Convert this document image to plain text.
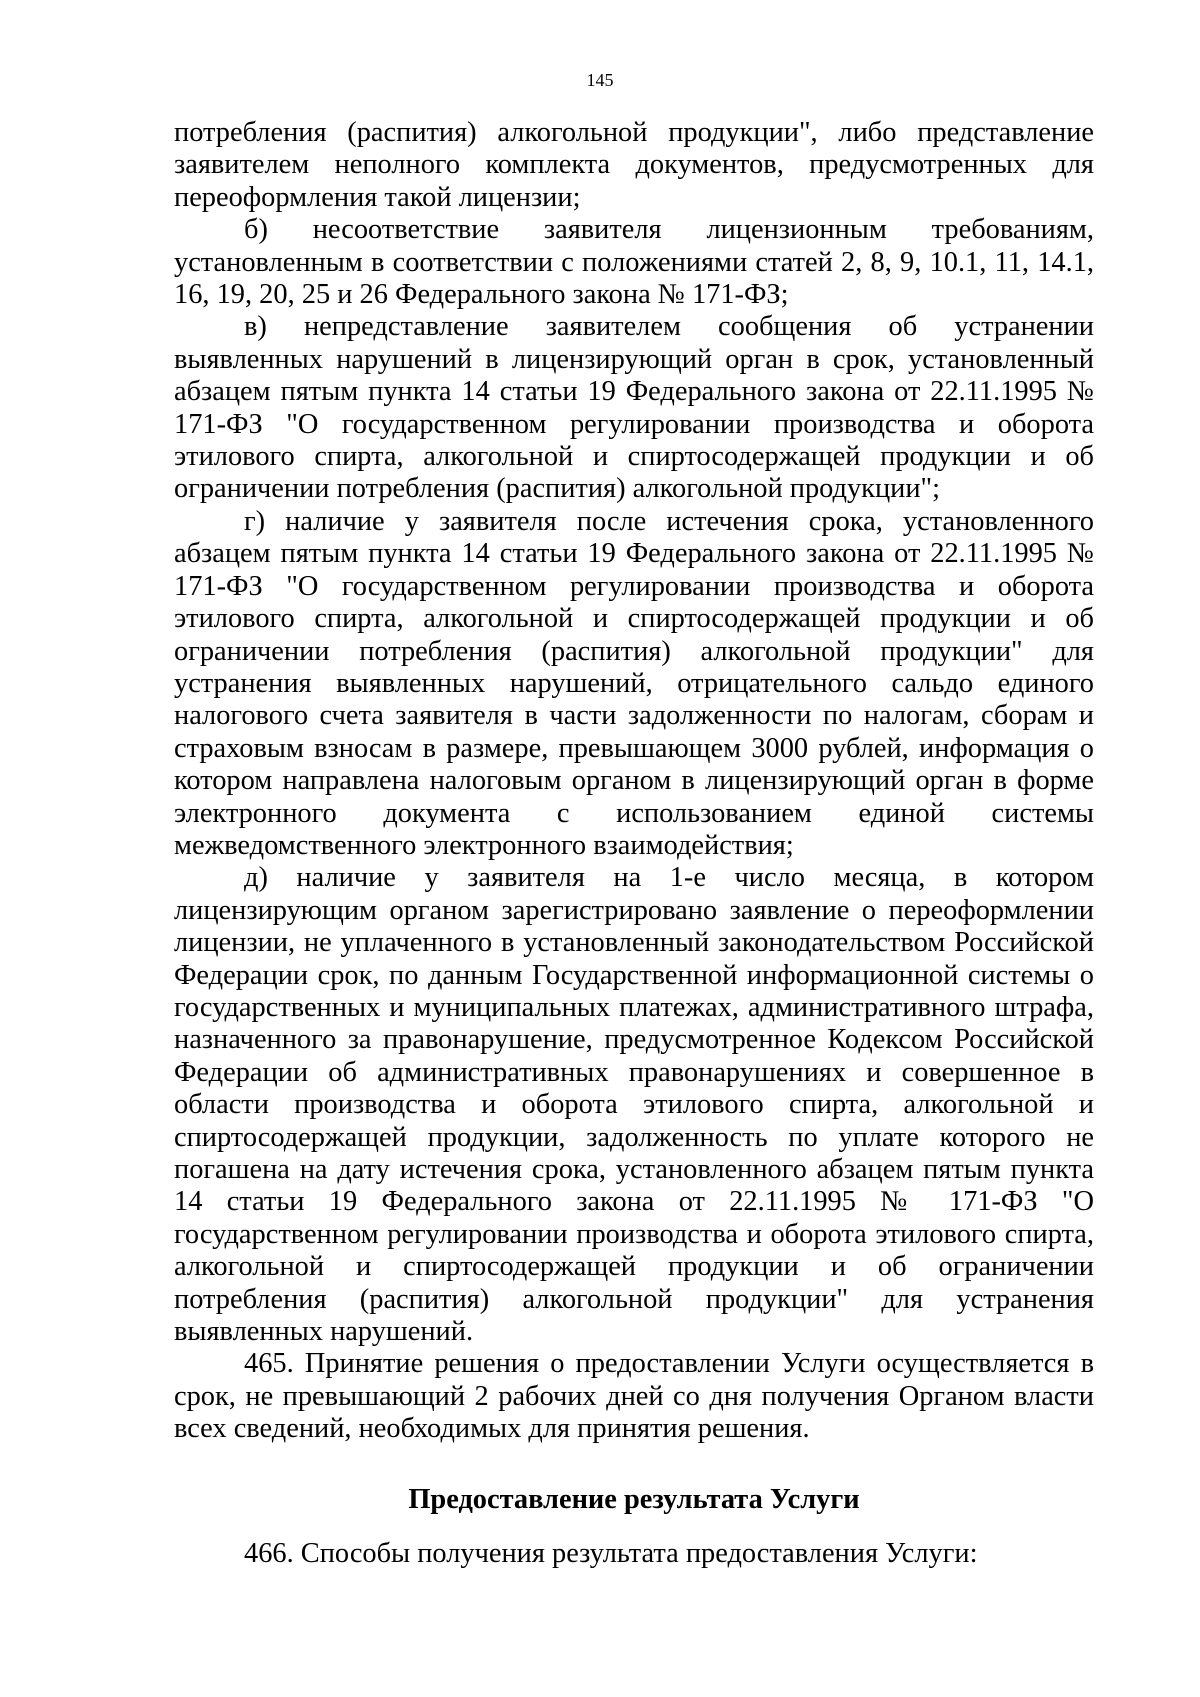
145

потребления (распития) алкогольной продукции", либо представление заявителем неполного комплекта документов, предусмотренных для переоформления такой лицензии;

б) несоответствие заявителя лицензионным требованиям, установленным в соответствии с положениями статей 2, 8, 9, 10.1, 11, 14.1, 16, 19, 20, 25 и 26 Федерального закона № 171-ФЗ;

в) непредставление заявителем сообщения об устранении выявленных нарушений в лицензирующий орган в срок, установленный абзацем пятым пункта 14 статьи 19 Федерального закона от 22.11.1995 № 171-ФЗ "О государственном регулировании производства и оборота этилового спирта, алкогольной и спиртосодержащей продукции и об ограничении потребления (распития) алкогольной продукции";

г) наличие у заявителя после истечения срока, установленного абзацем пятым пункта 14 статьи 19 Федерального закона от 22.11.1995 № 171-ФЗ "О государственном регулировании производства и оборота этилового спирта, алкогольной и спиртосодержащей продукции и об ограничении потребления (распития) алкогольной продукции" для устранения выявленных нарушений, отрицательного сальдо единого налогового счета заявителя в части задолженности по налогам, сборам и страховым взносам в размере, превышающем 3000 рублей, информация о котором направлена налоговым органом в лицензирующий орган в форме электронного документа с использованием единой системы межведомственного электронного взаимодействия;

д) наличие у заявителя на 1-е число месяца, в котором лицензирующим органом зарегистрировано заявление о переоформлении лицензии, не уплаченного в установленный законодательством Российской Федерации срок, по данным Государственной информационной системы о государственных и муниципальных платежах, административного штрафа, назначенного за правонарушение, предусмотренное Кодексом Российской Федерации об административных правонарушениях и совершенное в области производства и оборота этилового спирта, алкогольной и спиртосодержащей продукции, задолженность по уплате которого не погашена на дату истечения срока, установленного абзацем пятым пункта 14 статьи 19 Федерального закона от 22.11.1995 № 171-ФЗ "О государственном регулировании производства и оборота этилового спирта, алкогольной и спиртосодержащей продукции и об ограничении потребления (распития) алкогольной продукции" для устранения выявленных нарушений.

465. Принятие решения о предоставлении Услуги осуществляется в срок, не превышающий 2 рабочих дней со дня получения Органом власти всех сведений, необходимых для принятия решения.

Предоставление результата Услуги

466. Способы получения результата предоставления Услуги:
